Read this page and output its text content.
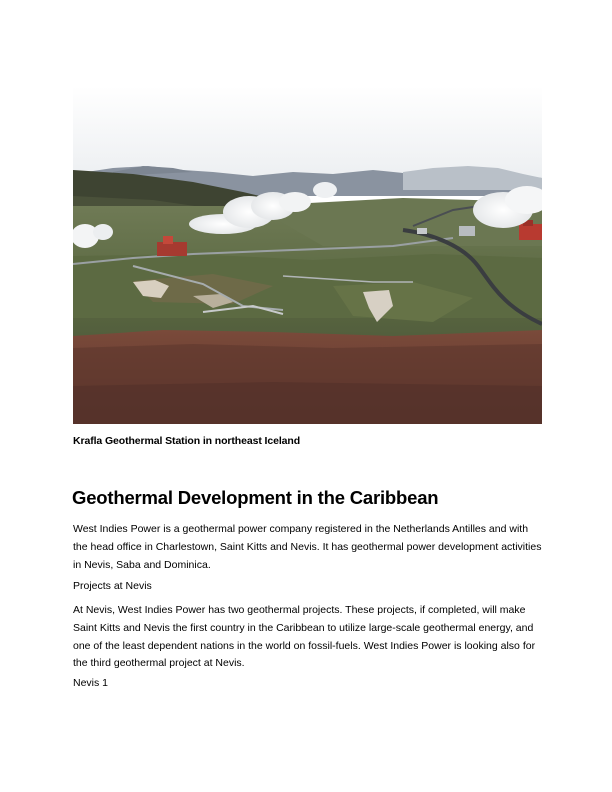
Krafla Geothermal Station in northeast Iceland
Geothermal Development in the Caribbean

West Indies Power is a geothermal power company registered in the Netherlands Antilles and with the head office in Charlestown, Saint Kitts and Nevis. It has geothermal power development activities in Nevis, Saba and Dominica.

Projects at Nevis

At Nevis, West Indies Power has two geothermal projects. These projects, if completed, will make Saint Kitts and Nevis the first country in the Caribbean to utilize large-scale geothermal energy, and one of the least dependent nations in the world on fossil-fuels. West Indies Power is looking also for the third geothermal project at Nevis.

Nevis 1
